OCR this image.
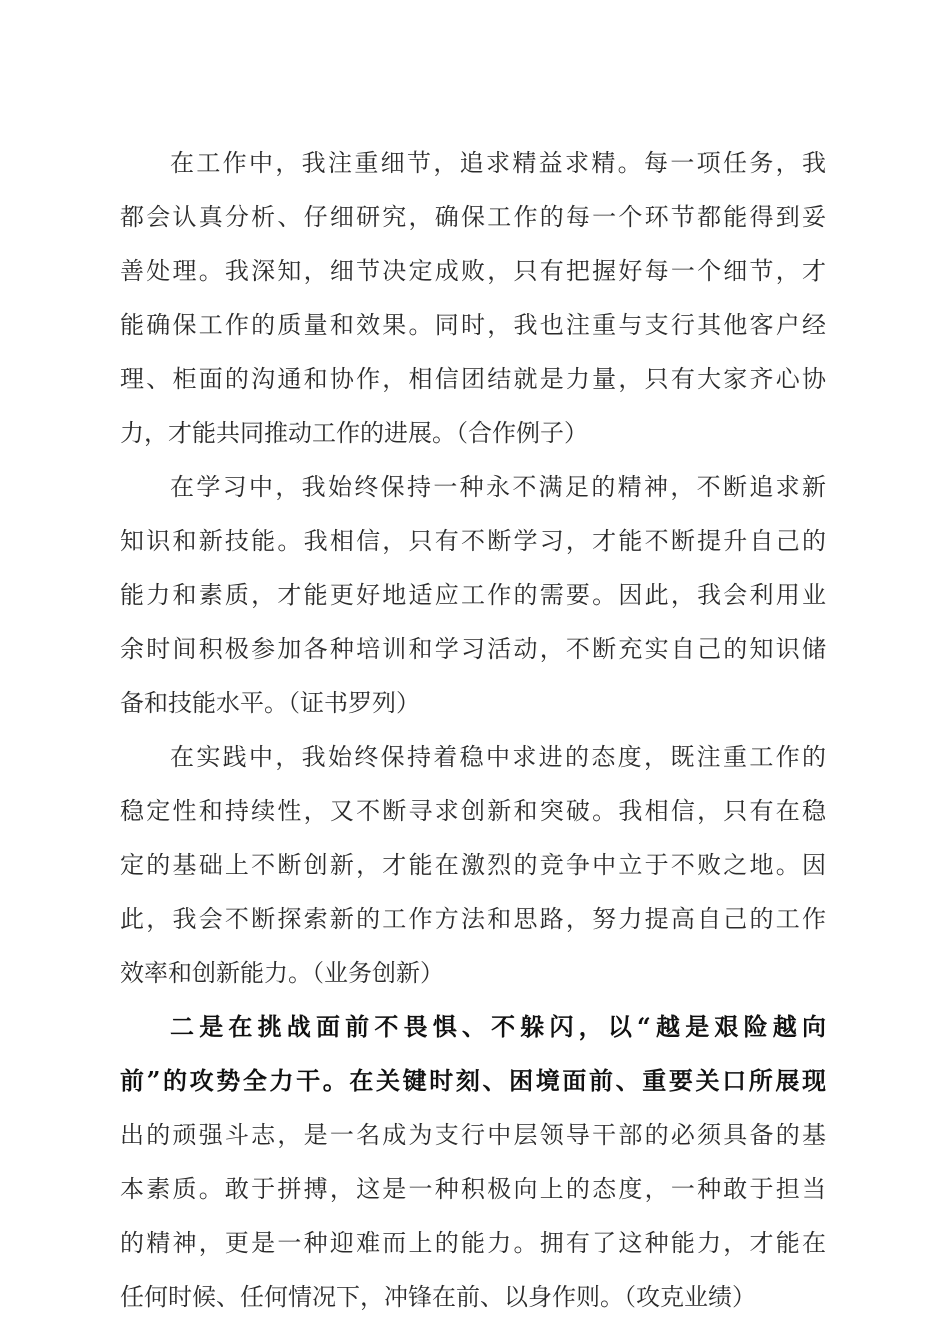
在工作中，我注重细节，追求精益求精。每一项任务，我
都会认真分析、仔细研究，确保工作的每一个环节都能得到妥
善处理。我深知，细节决定成败，只有把握好每一个细节，才
能确保工作的质量和效果。同时，我也注重与支行其他客户经
理、柜面的沟通和协作，相信团结就是力量，只有大家齐心协
力，才能共同推动工作的进展。（合作例子）
在学习中，我始终保持一种永不满足的精神，不断追求新
知识和新技能。我相信，只有不断学习，才能不断提升自己的
能力和素质，才能更好地适应工作的需要。因此，我会利用业
余时间积极参加各种培训和学习活动，不断充实自己的知识储
备和技能水平。（证书罗列）
在实践中，我始终保持着稳中求进的态度，既注重工作的
稳定性和持续性，又不断寻求创新和突破。我相信，只有在稳
定的基础上不断创新，才能在激烈的竞争中立于不败之地。因
此，我会不断探索新的工作方法和思路，努力提高自己的工作
效率和创新能力。（业务创新）
二是在挑战面前不畏惧、不躲闪，以“越是艰险越向
前”的攻势全力干。在关键时刻、困境面前、重要关口所展现
出的顽强斗志，是一名成为支行中层领导干部的必须具备的基
本素质。敢于拼搏，这是一种积极向上的态度，一种敢于担当
的精神，更是一种迎难而上的能力。拥有了这种能力，才能在
任何时候、任何情况下，冲锋在前、以身作则。（攻克业绩）
